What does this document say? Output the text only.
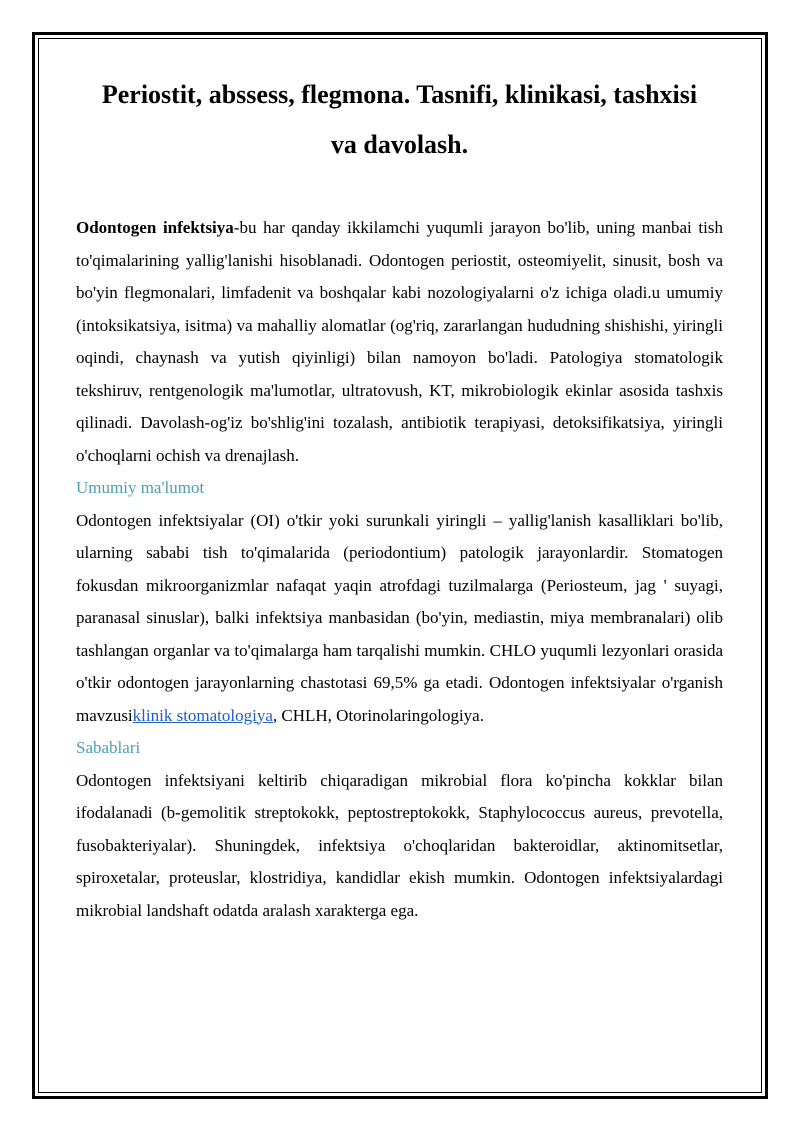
Periostit, abssess, flegmona. Tasnifi, klinikasi, tashxisi
va davolash.

Odontogen infektsiya-bu har qanday ikkilamchi yuqumli jarayon bo'lib, uning manbai tish to'qimalarining yallig'lanishi hisoblanadi. Odontogen periostit, osteomiyelit, sinusit, bosh va bo'yin flegmonalari, limfadenit va boshqalar kabi nozologiyalarni o'z ichiga oladi.u umumiy (intoksikatsiya, isitma) va mahalliy alomatlar (og'riq, zararlangan hududning shishishi, yiringli oqindi, chaynash va yutish qiyinligi) bilan namoyon bo'ladi. Patologiya stomatologik tekshiruv, rentgenologik ma'lumotlar, ultratovush, KT, mikrobiologik ekinlar asosida tashxis qilinadi. Davolash-og'iz bo'shlig'ini tozalash, antibiotik terapiyasi, detoksifikatsiya, yiringli o'choqlarni ochish va drenajlash.

Umumiy ma'lumot

Odontogen infektsiyalar (OI) o'tkir yoki surunkali yiringli – yallig'lanish kasalliklari bo'lib, ularning sababi tish to'qimalarida (periodontium) patologik jarayonlardir. Stomatogen fokusdan mikroorganizmlar nafaqat yaqin atrofdagi tuzilmalarga (Periosteum, jag ' suyagi, paranasal sinuslar), balki infektsiya manbasidan (bo'yin, mediastin, miya membranalari) olib tashlangan organlar va to'qimalarga ham tarqalishi mumkin. CHLO yuqumli lezyonlari orasida o'tkir odontogen jarayonlarning chastotasi 69,5% ga etadi. Odontogen infektsiyalar o'rganish mavzusiklinik stomatologiya, CHLH, Otorinolaringologiya.

Sabablari

Odontogen infektsiyani keltirib chiqaradigan mikrobial flora ko'pincha kokklar bilan ifodalanadi (b-gemolitik streptokokk, peptostreptokokk, Staphylococcus aureus, prevotella, fusobakteriyalar). Shuningdek, infektsiya o'choqlaridan bakteroidlar, aktinomitsetlar, spiroxetalar, proteuslar, klostridiya, kandidlar ekish mumkin. Odontogen infektsiyalardagi mikrobial landshaft odatda aralash xarakterga ega.
